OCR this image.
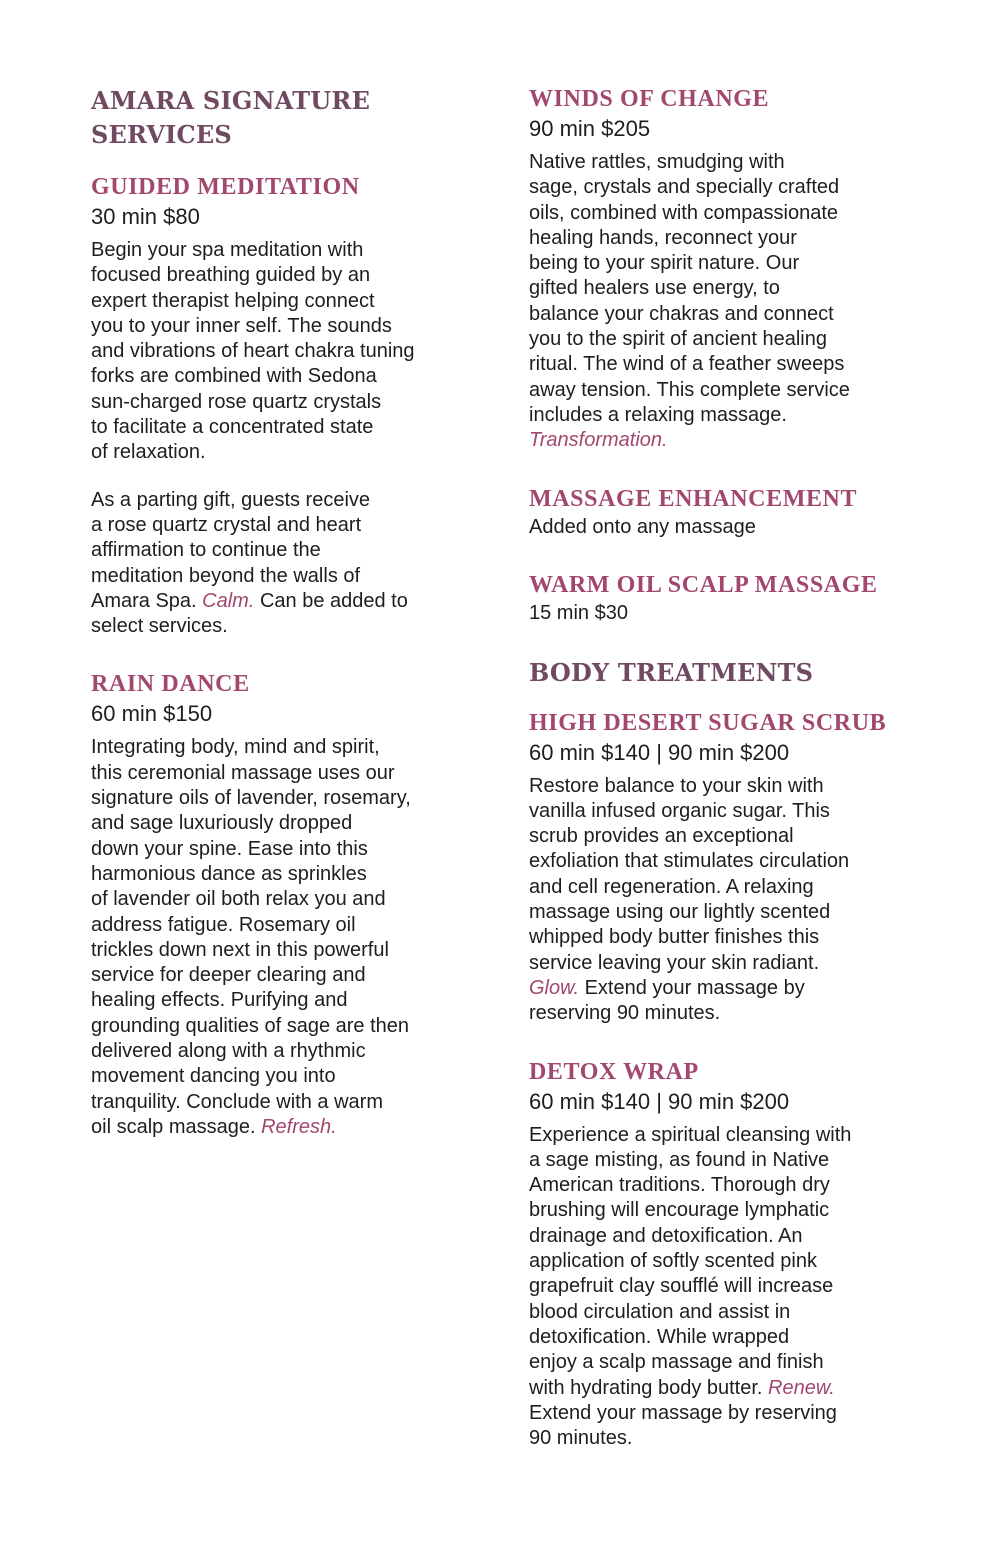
AMARA SIGNATURE
SERVICES
GUIDED MEDITATION

30 min $80

Begin your spa meditation with
focused breathing guided by an
expert therapist helping connect
you to your inner self. The sounds
and vibrations of heart chakra tuning
forks are combined with Sedona
sun-charged rose quartz crystals
to facilitate a concentrated state
of relaxation.

As a parting gift, guests receive
a rose quartz crystal and heart
affirmation to continue the
meditation beyond the walls of
Amara Spa. Calm. Can be added to
select services.

RAIN DANCE

60 min $150

Integrating body, mind and spirit,
this ceremonial massage uses our
signature oils of lavender, rosemary,
and sage luxuriously dropped
down your spine. Ease into this
harmonious dance as sprinkles
of lavender oil both relax you and
address fatigue. Rosemary oil
trickles down next in this powerful
service for deeper clearing and
healing effects. Purifying and
grounding qualities of sage are then
delivered along with a rhythmic
movement dancing you into
tranquility. Conclude with a warm
oil scalp massage. Refresh.

WINDS OF CHANGE

90 min $205

Native rattles, smudging with
sage, crystals and specially crafted
oils, combined with compassionate
healing hands, reconnect your
being to your spirit nature. Our
gifted healers use energy, to
balance your chakras and connect
you to the spirit of ancient healing
ritual. The wind of a feather sweeps
away tension. This complete service
includes a relaxing massage.
Transformation.

MASSAGE ENHANCEMENT

Added onto any massage

WARM OIL SCALP MASSAGE

15 min $30

BODY TREATMENTS
HIGH DESERT SUGAR SCRUB

60 min $140 | 90 min $200

Restore balance to your skin with
vanilla infused organic sugar. This
scrub provides an exceptional
exfoliation that stimulates circulation
and cell regeneration. A relaxing
massage using our lightly scented
whipped body butter finishes this
service leaving your skin radiant.
Glow. Extend your massage by
reserving 90 minutes.

DETOX WRAP

60 min $140 | 90 min $200

Experience a spiritual cleansing with
a sage misting, as found in Native
American traditions. Thorough dry
brushing will encourage lymphatic
drainage and detoxification. An
application of softly scented pink
grapefruit clay soufflé will increase
blood circulation and assist in
detoxification. While wrapped
enjoy a scalp massage and finish
with hydrating body butter. Renew.
Extend your massage by reserving
90 minutes.
